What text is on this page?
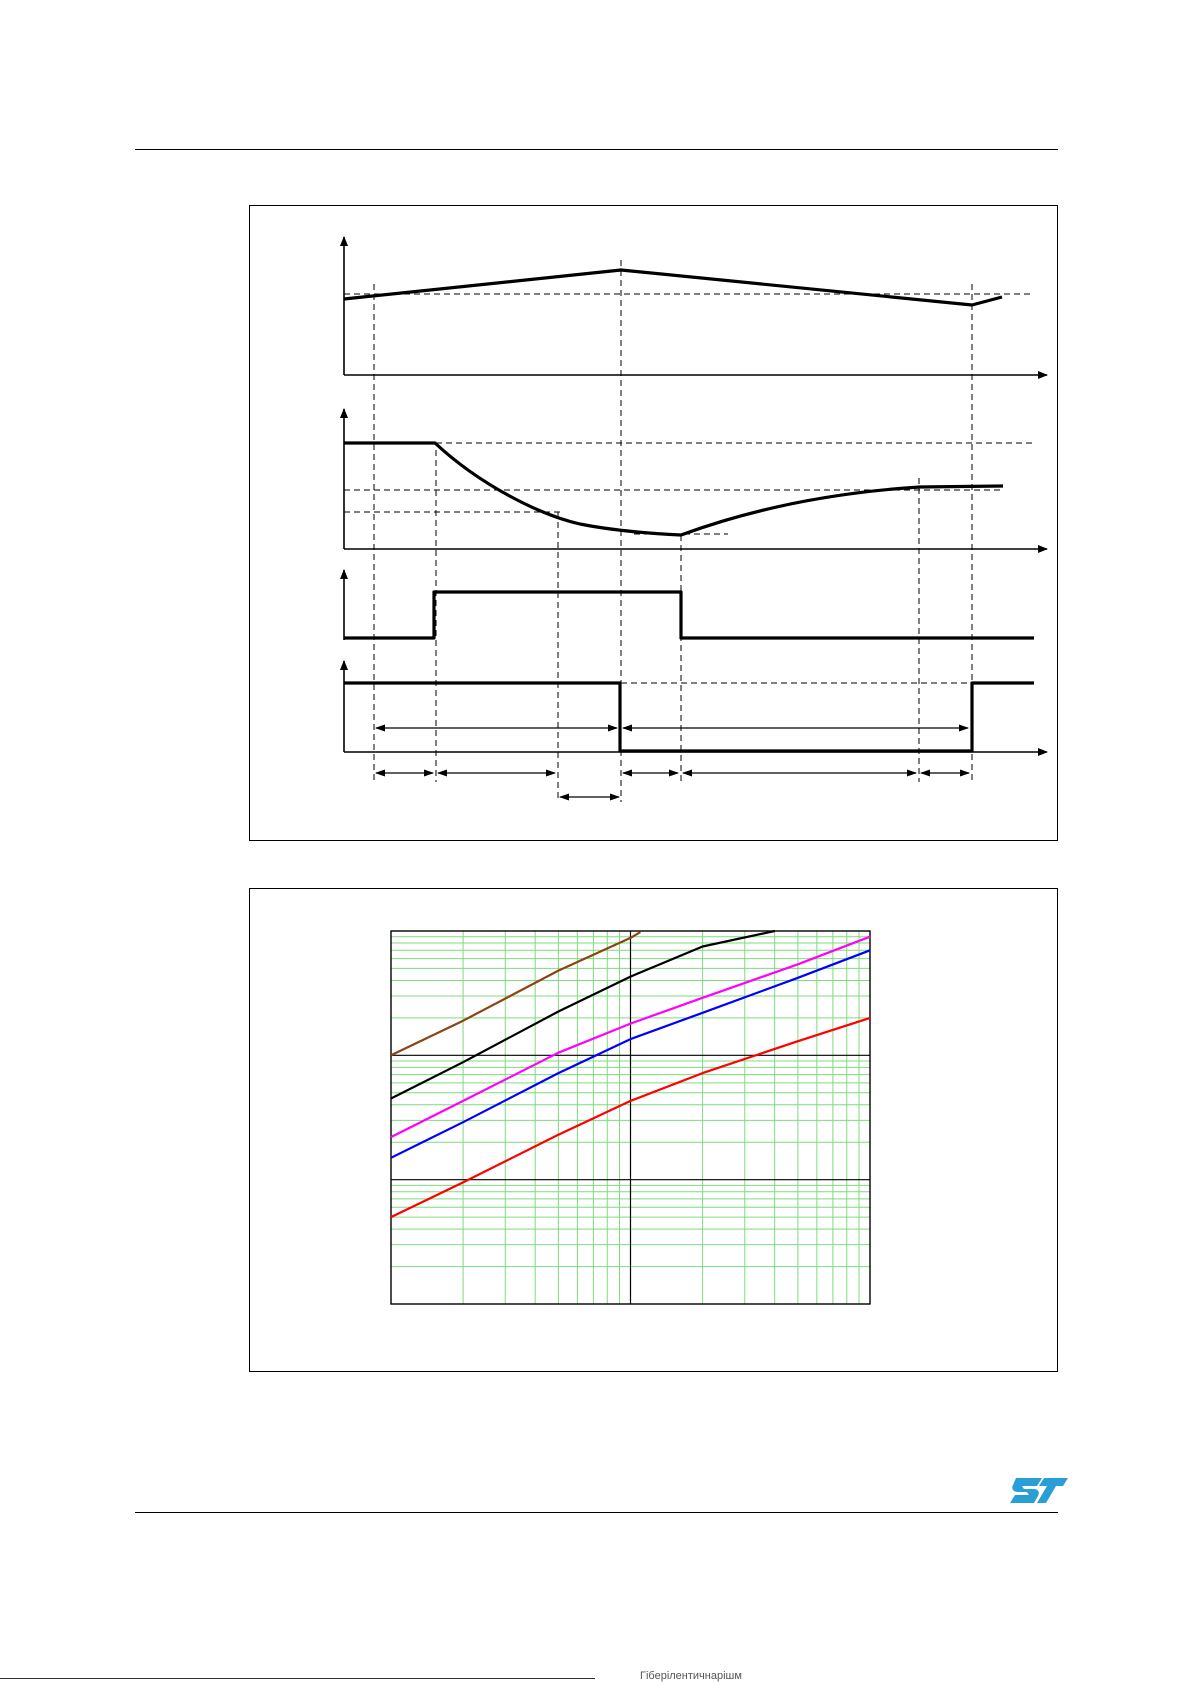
Гіберілентичнарішм
